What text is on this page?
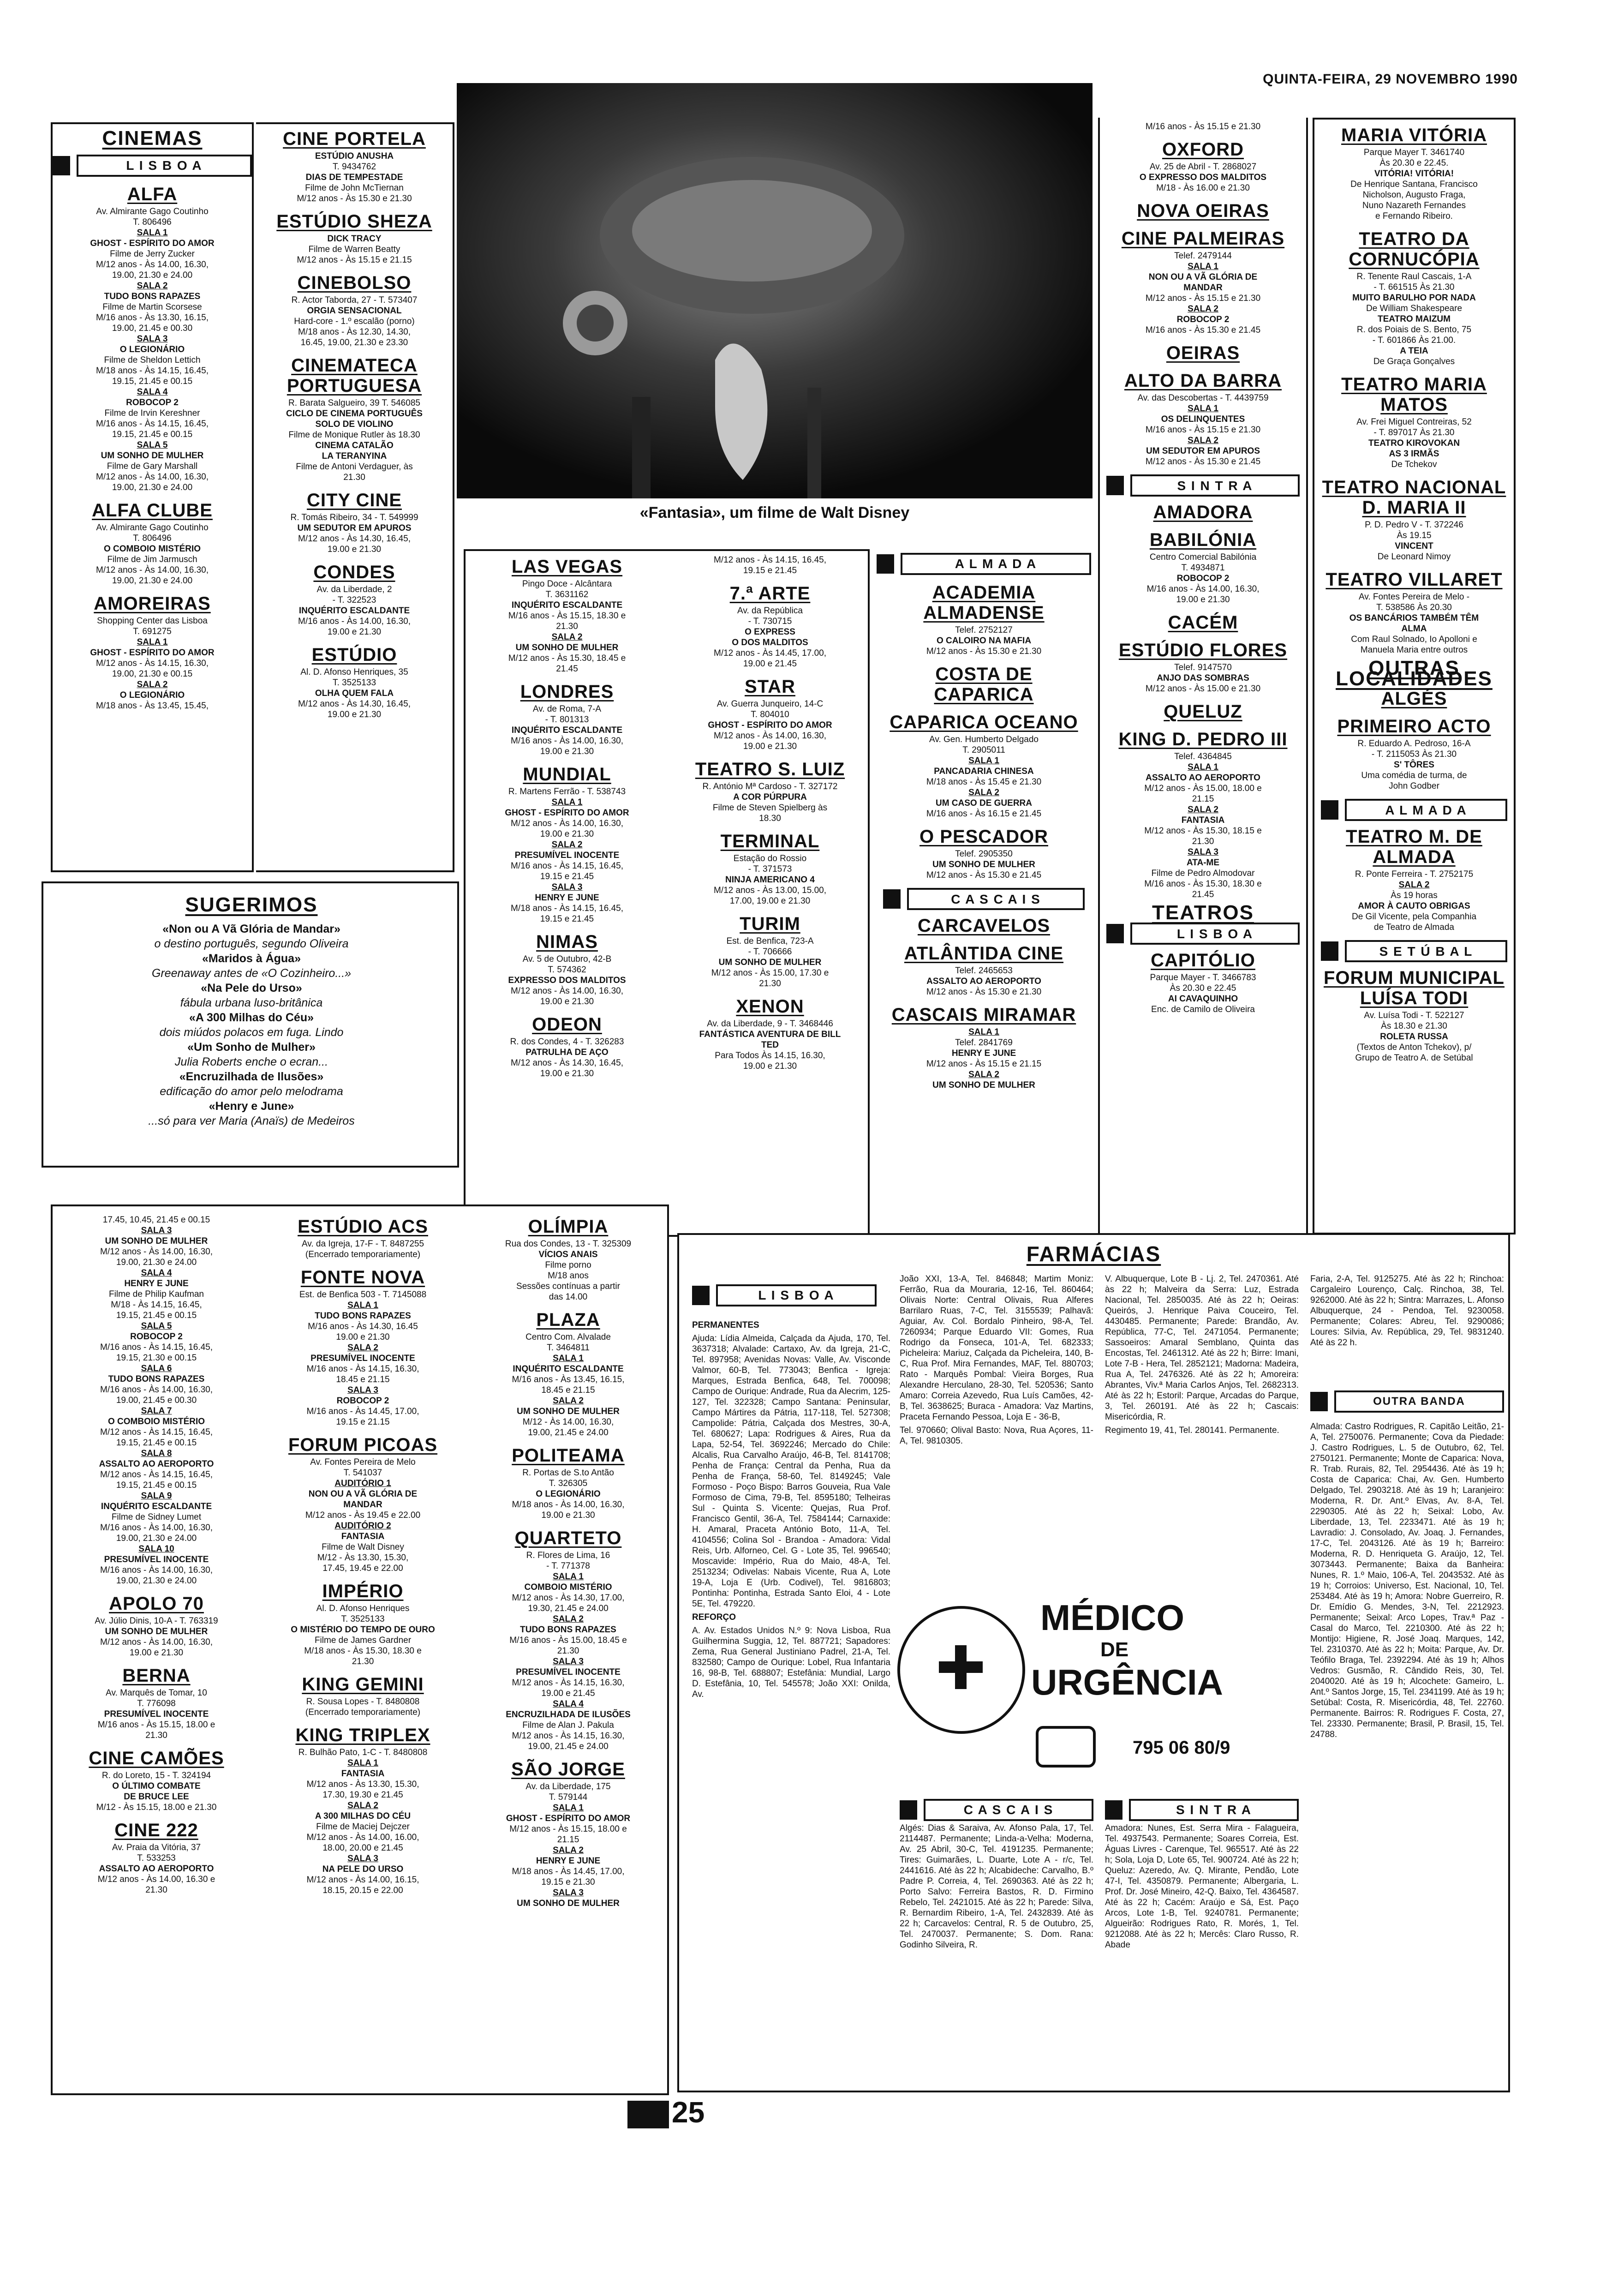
QUINTA-FEIRA, 29 NOVEMBRO 1990
CINEMAS
L I S B O A
ALFA

Av. Almirante Gago Coutinho

T. 806496

SALA 1

GHOST - ESPÍRITO DO AMOR

Filme de Jerry Zucker

M/12 anos - Às 14.00, 16.30,

19.00, 21.30 e 24.00

SALA 2

TUDO BONS RAPAZES

Filme de Martin Scorsese

M/16 anos - Às 13.30, 16.15,

19.00, 21.45 e 00.30

SALA 3

O LEGIONÁRIO

Filme de Sheldon Lettich

M/18 anos - Às 14.15, 16.45,

19.15, 21.45 e 00.15

SALA 4

ROBOCOP 2

Filme de Irvin Kereshner

M/16 anos - Às 14.15, 16.45,

19.15, 21.45 e 00.15

SALA 5

UM SONHO DE MULHER

Filme de Gary Marshall

M/12 anos - Às 14.00, 16.30,

19.00, 21.30 e 24.00

ALFA CLUBE

Av. Almirante Gago Coutinho

T. 806496

O COMBOIO MISTÉRIO

Filme de Jim Jarmusch

M/12 anos - Às 14.00, 16.30,

19.00, 21.30 e 24.00

AMOREIRAS

Shopping Center das Lisboa

T. 691275

SALA 1

GHOST - ESPÍRITO DO AMOR

M/12 anos - Às 14.15, 16.30,

19.00, 21.30 e 00.15

SALA 2

O LEGIONÁRIO

M/18 anos - Às 13.45, 15.45,

CINE PORTELA

ESTÚDIO ANUSHA

T. 9434762

DIAS DE TEMPESTADE

Filme de John McTiernan

M/12 anos - Às 15.30 e 21.30

ESTÚDIO SHEZA

DICK TRACY

Filme de Warren Beatty

M/12 anos - Às 15.15 e 21.15

CINEBOLSO

R. Actor Taborda, 27 - T. 573407

ORGIA SENSACIONAL

Hard-core - 1.º escalão (porno)

M/18 anos - Às 12.30, 14.30,

16.45, 19.00, 21.30 e 23.30

CINEMATECA PORTUGUESA

R. Barata Salgueiro, 39 T. 546085

CICLO DE CINEMA PORTUGUÊS

SOLO DE VIOLINO

Filme de Monique Rutler às 18.30

CINEMA CATALÃO

LA TERANYINA

Filme de Antoni Verdaguer, às

21.30

CITY CINE

R. Tomás Ribeiro, 34 - T. 549999

UM SEDUTOR EM APUROS

M/12 anos - Às 14.30, 16.45,

19.00 e 21.30

CONDES

Av. da Liberdade, 2

- T. 322523

INQUÉRITO ESCALDANTE

M/16 anos - Às 14.00, 16.30,

19.00 e 21.30

ESTÚDIO

Al. D. Afonso Henriques, 35

T. 3525133

OLHA QUEM FALA

M/12 anos - Às 14.30, 16.45,

19.00 e 21.30

«Fantasia», um filme de Walt Disney
LAS VEGAS

Pingo Doce - Alcântara

T. 3631162

INQUÉRITO ESCALDANTE

M/16 anos - Às 15.15, 18.30 e

21.30

SALA 2

UM SONHO DE MULHER

M/12 anos - Às 15.30, 18.45 e

21.45

LONDRES

Av. de Roma, 7-A

- T. 801313

INQUÉRITO ESCALDANTE

M/16 anos - Às 14.00, 16.30,

19.00 e 21.30

MUNDIAL

R. Martens Ferrão - T. 538743

SALA 1

GHOST - ESPÍRITO DO AMOR

M/12 anos - Às 14.00, 16.30,

19.00 e 21.30

SALA 2

PRESUMÍVEL INOCENTE

M/16 anos - Às 14.15, 16.45,

19.15 e 21.45

SALA 3

HENRY E JUNE

M/18 anos - Às 14.15, 16.45,

19.15 e 21.45

NIMAS

Av. 5 de Outubro, 42-B

T. 574362

EXPRESSO DOS MALDITOS

M/12 anos - Às 14.00, 16.30,

19.00 e 21.30

ODEON

R. dos Condes, 4 - T. 326283

PATRULHA DE AÇO

M/12 anos - Às 14.30, 16.45,

19.00 e 21.30

M/12 anos - Às 14.15, 16.45,

19.15 e 21.45

7.ª ARTE

Av. da República

- T. 730715

O EXPRESS

O DOS MALDITOS

M/12 anos - Às 14.45, 17.00,

19.00 e 21.45

STAR

Av. Guerra Junqueiro, 14-C

T. 804010

GHOST - ESPÍRITO DO AMOR

M/12 anos - Às 14.00, 16.30,

19.00 e 21.30

TEATRO S. LUIZ

R. António Mª Cardoso - T. 327172

A COR PÚRPURA

Filme de Steven Spielberg às

18.30

TERMINAL

Estação do Rossio

- T. 371573

NINJA AMERICANO 4

M/12 anos - Às 13.00, 15.00,

17.00, 19.00 e 21.30

TURIM

Est. de Benfica, 723-A

- T. 706666

UM SONHO DE MULHER

M/12 anos - Às 15.00, 17.30 e

21.30

XENON

Av. da Liberdade, 9 - T. 3468446

FANTÁSTICA AVENTURA DE BILL

TED

Para Todos Às 14.15, 16.30,

19.00 e 21.30

A L M A D A
ACADEMIA ALMADENSE

Telef. 2752127

O CALOIRO NA MAFIA

M/12 anos - Às 15.30 e 21.30

COSTA DE CAPARICA
CAPARICA OCEANO

Av. Gen. Humberto Delgado

T. 2905011

SALA 1

PANCADARIA CHINESA

M/18 anos - Às 15.45 e 21.30

SALA 2

UM CASO DE GUERRA

M/16 anos - Às 16.15 e 21.45

O PESCADOR

Telef. 2905350

UM SONHO DE MULHER

M/12 anos - Às 15.30 e 21.45

C A S C A I S
CARCAVELOS
ATLÂNTIDA CINE

Telef. 2465653

ASSALTO AO AEROPORTO

M/12 anos - Às 15.30 e 21.30

CASCAIS MIRAMAR

SALA 1

Telef. 2841769

HENRY E JUNE

M/12 anos - Às 15.15 e 21.15

SALA 2

UM SONHO DE MULHER

M/16 anos - Às 15.15 e 21.30

OXFORD

Av. 25 de Abril - T. 2868027

O EXPRESSO DOS MALDITOS

M/18 - Às 16.00 e 21.30

NOVA OEIRAS
CINE PALMEIRAS

Telef. 2479144

SALA 1

NON OU A VÃ GLÓRIA DE

MANDAR

M/12 anos - Às 15.15 e 21.30

SALA 2

ROBOCOP 2

M/16 anos - Às 15.30 e 21.45

OEIRAS
ALTO DA BARRA

Av. das Descobertas - T. 4439759

SALA 1

OS DELINQUENTES

M/16 anos - Às 15.15 e 21.30

SALA 2

UM SEDUTOR EM APUROS

M/12 anos - Às 15.30 e 21.45

S I N T R A
AMADORA
BABILÓNIA

Centro Comercial Babilónia

T. 4934871

ROBOCOP 2

M/16 anos - Às 14.00, 16.30,

19.00 e 21.30

CACÉM
ESTÚDIO FLORES

Telef. 9147570

ANJO DAS SOMBRAS

M/12 anos - Às 15.00 e 21.30

QUELUZ
KING D. PEDRO III

Telef. 4364845

SALA 1

ASSALTO AO AEROPORTO

M/12 anos - Às 15.00, 18.00 e

21.15

SALA 2

FANTASIA

M/12 anos - Às 15.30, 18.15 e

21.30

SALA 3

ATA-ME

Filme de Pedro Almodovar

M/16 anos - Às 15.30, 18.30 e

21.45

TEATROS
L I S B O A
CAPITÓLIO

Parque Mayer - T. 3466783

Às 20.30 e 22.45

AI CAVAQUINHO

Enc. de Camilo de Oliveira

MARIA VITÓRIA

Parque Mayer T. 3461740

Às 20.30 e 22.45.

VITÓRIA! VITÓRIA!

De Henrique Santana, Francisco

Nicholson, Augusto Fraga,

Nuno Nazareth Fernandes

e Fernando Ribeiro.

TEATRO DA CORNUCÓPIA

R. Tenente Raul Cascais, 1-A

- T. 661515 Às 21.30

MUITO BARULHO POR NADA

De William Shakespeare

TEATRO MAIZUM

R. dos Poiais de S. Bento, 75

- T. 601866 Às 21.00.

A TEIA

De Graça Gonçalves

TEATRO MARIA MATOS

Av. Frei Miguel Contreiras, 52

- T. 897017 Às 21.30

TEATRO KIROVOKAN

AS 3 IRMÃS

De Tchekov

TEATRO NACIONAL D. MARIA II

P. D. Pedro V - T. 372246

Às 19.15

VINCENT

De Leonard Nimoy

TEATRO VILLARET

Av. Fontes Pereira de Melo -

T. 538586 Às 20.30

OS BANCÁRIOS TAMBÉM TÊM

ALMA

Com Raul Solnado, Io Apolloni e

Manuela Maria entre outros

OUTRAS LOCALIDADES
ALGÉS
PRIMEIRO ACTO

R. Eduardo A. Pedroso, 16-A

- T. 2115053 Às 21.30

S' TÔRES

Uma comédia de turma, de

John Godber

A L M A D A
TEATRO M. DE ALMADA

R. Ponte Ferreira - T. 2752175

SALA 2

Às 19 horas

AMOR À CAUTO OBRIGAS

De Gil Vicente, pela Companhia

de Teatro de Almada

S E T Ú B A L
FORUM MUNICIPAL LUÍSA TODI

Av. Luísa Todi - T. 522127

Às 18.30 e 21.30

ROLETA RUSSA

(Textos de Anton Tchekov), p/

Grupo de Teatro A. de Setúbal

SUGERIMOS

«Non ou A Vã Glória de Mandar»

o destino português, segundo Oliveira

«Maridos à Água»

Greenaway antes de «O Cozinheiro...»

«Na Pele do Urso»

fábula urbana luso-britânica

«A 300 Milhas do Céu»

dois miúdos polacos em fuga. Lindo

«Um Sonho de Mulher»

Julia Roberts enche o ecran...

«Encruzilhada de Ilusões»

edificação do amor pelo melodrama

«Henry e June»

...só para ver Maria (Anaïs) de Medeiros

17.45, 10.45, 21.45 e 00.15

SALA 3

UM SONHO DE MULHER

M/12 anos - Às 14.00, 16.30,

19.00, 21.30 e 24.00

SALA 4

HENRY E JUNE

Filme de Philip Kaufman

M/18 - Às 14.15, 16.45,

19.15, 21.45 e 00.15

SALA 5

ROBOCOP 2

M/16 anos - Às 14.15, 16.45,

19.15, 21.30 e 00.15

SALA 6

TUDO BONS RAPAZES

M/16 anos - Às 14.00, 16.30,

19.00, 21.45 e 00.30

SALA 7

O COMBOIO MISTÉRIO

M/12 anos - Às 14.15, 16.45,

19.15, 21.45 e 00.15

SALA 8

ASSALTO AO AEROPORTO

M/12 anos - Às 14.15, 16.45,

19.15, 21.45 e 00.15

SALA 9

INQUÉRITO ESCALDANTE

Filme de Sidney Lumet

M/16 anos - Às 14.00, 16.30,

19.00, 21.30 e 24.00

SALA 10

PRESUMÍVEL INOCENTE

M/16 anos - Às 14.00, 16.30,

19.00, 21.30 e 24.00

APOLO 70

Av. Júlio Dinis, 10-A - T. 763319

UM SONHO DE MULHER

M/12 anos - Às 14.00, 16.30,

19.00 e 21.30

BERNA

Av. Marquês de Tomar, 10

T. 776098

PRESUMÍVEL INOCENTE

M/16 anos - Às 15.15, 18.00 e

21.30

CINE CAMÕES

R. do Loreto, 15 - T. 324194

O ÚLTIMO COMBATE

DE BRUCE LEE

M/12 - Às 15.15, 18.00 e 21.30

CINE 222

Av. Praia da Vitória, 37

T. 533253

ASSALTO AO AEROPORTO

M/12 anos - Às 14.00, 16.30 e

21.30

ESTÚDIO ACS

Av. da Igreja, 17-F - T. 8487255

(Encerrado temporariamente)

FONTE NOVA

Est. de Benfica 503 - T. 7145088

SALA 1

TUDO BONS RAPAZES

M/16 anos - Às 14.30, 16.45

19.00 e 21.30

SALA 2

PRESUMÍVEL INOCENTE

M/16 anos - Às 14.15, 16.30,

18.45 e 21.15

SALA 3

ROBOCOP 2

M/16 anos - Às 14.45, 17.00,

19.15 e 21.15

FORUM PICOAS

Av. Fontes Pereira de Melo

T. 541037

AUDITÓRIO 1

NON OU A VÃ GLÓRIA DE

MANDAR

M/12 anos - Às 19.45 e 22.00

AUDITÓRIO 2

FANTASIA

Filme de Walt Disney

M/12 - Às 13.30, 15.30,

17.45, 19.45 e 22.00

IMPÉRIO

Al. D. Afonso Henriques

T. 3525133

O MISTÉRIO DO TEMPO DE OURO

Filme de James Gardner

M/18 anos - Às 15.30, 18.30 e

21.30

KING GEMINI

R. Sousa Lopes - T. 8480808

(Encerrado temporariamente)

KING TRIPLEX

R. Bulhão Pato, 1-C - T. 8480808

SALA 1

FANTASIA

M/12 anos - Às 13.30, 15.30,

17.30, 19.30 e 21.45

SALA 2

A 300 MILHAS DO CÉU

Filme de Maciej Dejczer

M/12 anos - Às 14.00, 16.00,

18.00, 20.00 e 21.45

SALA 3

NA PELE DO URSO

M/12 anos - Às 14.00, 16.15,

18.15, 20.15 e 22.00

OLÍMPIA

Rua dos Condes, 13 - T. 325309

VÍCIOS ANAIS

Filme porno

M/18 anos

Sessões contínuas a partir

das 14.00

PLAZA

Centro Com. Alvalade

T. 3464811

SALA 1

INQUÉRITO ESCALDANTE

M/16 anos - Às 13.45, 16.15,

18.45 e 21.15

SALA 2

UM SONHO DE MULHER

M/12 - Às 14.00, 16.30,

19.00, 21.45 e 24.00

POLITEAMA

R. Portas de S.to Antão

T. 326305

O LEGIONÁRIO

M/18 anos - Às 14.00, 16.30,

19.00 e 21.30

QUARTETO

R. Flores de Lima, 16

- T. 771378

SALA 1

COMBOIO MISTÉRIO

M/12 anos - Às 14.30, 17.00,

19.30, 21.45 e 24.00

SALA 2

TUDO BONS RAPAZES

M/16 anos - Às 15.00, 18.45 e

21.30

SALA 3

PRESUMÍVEL INOCENTE

M/12 anos - Às 14.15, 16.30,

19.00 e 21.45

SALA 4

ENCRUZILHADA DE ILUSÕES

Filme de Alan J. Pakula

M/12 anos - Às 14.15, 16.30,

19.00, 21.45 e 24.00

SÃO JORGE

Av. da Liberdade, 175

T. 579144

SALA 1

GHOST - ESPÍRITO DO AMOR

M/12 anos - Às 15.15, 18.00 e

21.15

SALA 2

HENRY E JUNE

M/18 anos - Às 14.45, 17.00,

19.15 e 21.30

SALA 3

UM SONHO DE MULHER

FARMÁCIAS
L I S B O A

PERMANENTES

Ajuda: Lídia Almeida, Calçada da Ajuda, 170, Tel. 3637318; Alvalade: Cartaxo, Av. da Igreja, 21-C, Tel. 897958; Avenidas Novas: Valle, Av. Visconde Valmor, 60-B, Tel. 773043; Benfica - Igreja: Marques, Estrada Benfica, 648, Tel. 700098; Campo de Ourique: Andrade, Rua da Alecrim, 125-127, Tel. 322328; Campo Santana: Peninsular, Campo Mártires da Pátria, 117-118, Tel. 527308; Campolide: Pátria, Calçada dos Mestres, 30-A, Tel. 680627; Lapa: Rodrigues & Aires, Rua da Lapa, 52-54, Tel. 3692246; Mercado do Chile: Alcalis, Rua Carvalho Araújo, 46-B, Tel. 8141708; Penha de França: Central da Penha, Rua da Penha de França, 58-60, Tel. 8149245; Vale Formoso - Poço Bispo: Barros Gouveia, Rua Vale Formoso de Cima, 79-B, Tel. 8595180; Telheiras Sul - Quinta S. Vicente: Quejas, Rua Prof. Francisco Gentil, 36-A, Tel. 7584144; Carnaxide: H. Amaral, Praceta António Boto, 11-A, Tel. 4104556; Colina Sol - Brandoa - Amadora: Vidal Reis, Urb. Alforneo, Cel. G - Lote 35, Tel. 996540; Moscavide: Império, Rua do Maio, 48-A, Tel. 2513234; Odivelas: Nabais Vicente, Rua A, Lote 19-A, Loja E (Urb. Codivel), Tel. 9816803; Pontinha: Pontinha, Estrada Santo Eloi, 4 - Lote 5E, Tel. 479220.

REFORÇO

A. Av. Estados Unidos N.º 9: Nova Lisboa, Rua Guilhermina Suggia, 12, Tel. 887721; Sapadores: Zema, Rua General Justiniano Padrel, 21-A, Tel. 832580; Campo de Ourique: Lobel, Rua Infantaria 16, 98-B, Tel. 688807; Estefânia: Mundial, Largo D. Estefânia, 10, Tel. 545578; João XXI: Onilda, Av.

João XXI, 13-A, Tel. 846848; Martim Moniz: Ferrão, Rua da Mouraria, 12-16, Tel. 860464; Olivais Norte: Central Olivais, Rua Alferes Barrilaro Ruas, 7-C, Tel. 3155539; Palhavã: Aguiar, Av. Col. Bordalo Pinheiro, 98-A, Tel. 7260934; Parque Eduardo VII: Gomes, Rua Rodrigo da Fonseca, 101-A, Tel. 682333; Picheleira: Mariuz, Calçada da Picheleira, 140, B-C, Rua Prof. Mira Fernandes, MAF, Tel. 880703; Rato - Marquês Pombal: Vieira Borges, Rua Alexandre Herculano, 28-30, Tel. 520536; Santo Amaro: Correia Azevedo, Rua Luís Camões, 42-B, Tel. 3638625; Buraca - Amadora: Vaz Martins, Praceta Fernando Pessoa, Loja E - 36-B,

Tel. 970660; Olival Basto: Nova, Rua Açores, 11-A, Tel. 9810305.

V. Albuquerque, Lote B - Lj. 2, Tel. 2470361. Até às 22 h; Malveira da Serra: Luz, Estrada Nacional, Tel. 2850035. Até às 22 h; Oeiras: Queirós, J. Henrique Paiva Couceiro, Tel. 4430485. Permanente; Parede: Brandão, Av. República, 77-C, Tel. 2471054. Permanente; Sassoeiros: Amaral Semblano, Quinta das Encostas, Tel. 2461312. Até às 22 h; Birre: Imani, Lote 7-B - Hera, Tel. 2852121; Madorna: Madeira, Rua A, Tel. 2476326. Até às 22 h; Amoreira: Abrantes, Viv.ª Maria Carlos Anjos, Tel. 2682313. Até às 22 h; Estoril: Parque, Arcadas do Parque, 3, Tel. 260191. Até às 22 h; Cascais: Misericórdia, R.

Regimento 19, 41, Tel. 280141. Permanente.

Faria, 2-A, Tel. 9125275. Até às 22 h; Rinchoa: Cargaleiro Lourenço, Calç. Rinchoa, 38, Tel. 9262000. Até às 22 h; Sintra: Marrazes, L. Afonso Albuquerque, 24 - Pendoa, Tel. 9230058. Permanente; Colares: Abreu, Tel. 9290086; Loures: Silvia, Av. República, 29, Tel. 9831240. Até às 22 h.

OUTRA BANDA

Almada: Castro Rodrigues, R. Capitão Leitão, 21-A, Tel. 2750076. Permanente; Cova da Piedade: J. Castro Rodrigues, L. 5 de Outubro, 62, Tel. 2750121. Permanente; Monte de Caparica: Nova, R. Trab. Rurais, 82, Tel. 2954436. Até às 19 h; Costa de Caparica: Chai, Av. Gen. Humberto Delgado, Tel. 2903218. Até às 19 h; Laranjeiro: Moderna, R. Dr. Ant.º Elvas, Av. 8-A, Tel. 2290305. Até às 22 h; Seixal: Lobo, Av. Liberdade, 13, Tel. 2233471. Até às 19 h; Lavradio: J. Consolado, Av. Joaq. J. Fernandes, 17-C, Tel. 2043126. Até às 19 h; Barreiro: Moderna, R. D. Henriqueta G. Araújo, 12, Tel. 3073443. Permanente; Baixa da Banheira: Nunes, R. 1.º Maio, 106-A, Tel. 2043532. Até às 19 h; Corroios: Universo, Est. Nacional, 10, Tel. 253484. Até às 19 h; Amora: Nobre Guerreiro, R. Dr. Emídio G. Mendes, 3-N, Tel. 2212923. Permanente; Seixal: Arco Lopes, Trav.ª Paz - Casal do Marco, Tel. 2210300. Até às 22 h; Montijo: Higiene, R. José Joaq. Marques, 142, Tel. 2310370. Até às 22 h; Moita: Parque, Av. Dr. Teófilo Braga, Tel. 2392294. Até às 19 h; Alhos Vedros: Gusmão, R. Cândido Reis, 30, Tel. 2040020. Até às 19 h; Alcochete: Gameiro, L. Ant.º Santos Jorge, 15, Tel. 2341199. Até às 19 h; Setúbal: Costa, R. Misericórdia, 48, Tel. 22760. Permanente. Bairros: R. Rodrigues F. Costa, 27, Tel. 23330. Permanente; Brasil, P. Brasil, 15, Tel. 24788.

MÉDICO
DE
URGÊNCIA
795 06 80/9

Algés: Dias & Saraiva, Av. Afonso Pala, 17, Tel. 2114487. Permanente; Linda-a-Velha: Moderna, Av. 25 Abril, 30-C, Tel. 4191235. Permanente; Tires: Guimarães, L. Duarte, Lote A - r/c, Tel. 2441616. Até às 22 h; Alcabideche: Carvalho, B.º Padre P. Correia, 4, Tel. 2690363. Até às 22 h; Porto Salvo: Ferreira Bastos, R. D. Firmino Rebelo, Tel. 2421015. Até às 22 h; Parede: Silva, R. Bernardim Ribeiro, 1-A, Tel. 2432839. Até às 22 h; Carcavelos: Central, R. 5 de Outubro, 25, Tel. 2470037. Permanente; S. Dom. Rana: Godinho Silveira, R.

C A S C A I S

Amadora: Nunes, Est. Serra Mira - Falagueira, Tel. 4937543. Permanente; Soares Correia, Est. Águas Livres - Carenque, Tel. 965517. Até às 22 h; Sola, Loja D, Lote 65, Tel. 900724. Até às 22 h; Queluz: Azeredo, Av. Q. Mirante, Pendão, Lote 47-I, Tel. 4350879. Permanente; Albergaria, L. Prof. Dr. José Mineiro, 42-Q. Baixo, Tel. 4364587. Até às 22 h; Cacém: Araújo e Sá, Est. Paço Arcos, Lote 1-B, Tel. 9240781. Permanente; Algueirão: Rodrigues Rato, R. Morés, 1, Tel. 9212088. Até às 22 h; Mercês: Claro Russo, R. Abade

S I N T R A
25
